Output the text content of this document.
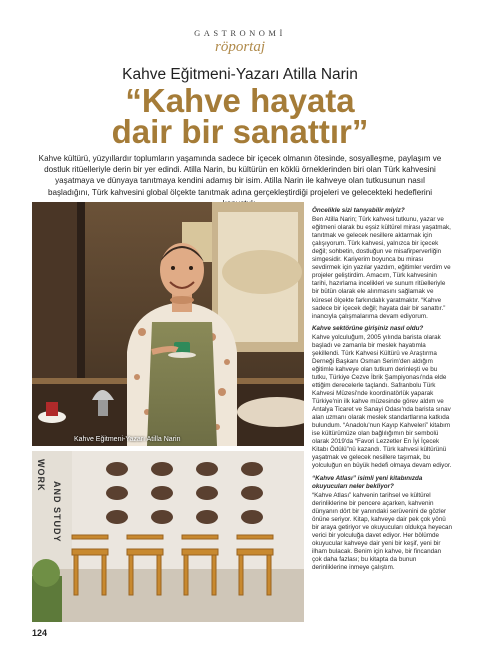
GASTRONOMİ
röportaj
Kahve Eğitmeni-Yazarı Atilla Narin
“Kahve hayata
dair bir sanattır”
Kahve kültürü, yüzyıllardır toplumların yaşamında sadece bir içecek olmanın ötesinde, sosyalleşme, paylaşım ve dostluk ritüelleriyle derin bir yer edindi. Atilla Narin, bu kültürün en köklü örneklerinden biri olan Türk kahvesini yaşatmaya ve dünyaya tanıtmaya kendini adamış bir isim. Atilla Narin ile kahveye olan tutkusunun nasıl başladığını, Türk kahvesini global ölçekte tanıtmak adına gerçekleştirdiği projeleri ve gelecekteki hedeflerini
Kahve Eğitmeni-Yazarı Atilla Narin
WORK
AND STUDY
Öncelikle sizi tanıyabilir miyiz?

Ben Atilla Narin; Türk kahvesi tutkunu, yazar ve eğitmeni olarak bu eşsiz kültürel mirası yaşatmak, tanıtmak ve gelecek nesillere aktarmak için çalışıyorum. Türk kahvesi, yalnızca bir içecek değil; sohbetin, dostluğun ve misafirperverliğin simgesidir. Kariyerim boyunca bu mirası sevdirmek için yazılar yazdım, eğitimler verdim ve projeler geliştirdim. Amacım, Türk kahvesinin tarihi, hazırlama incelikleri ve sunum ritüelleriyle bir bütün olarak ele alınmasını sağlamak ve küresel ölçekte farkındalık yaratmaktır. “Kahve sadece bir içecek değil; hayata dair bir sanattır.” inancıyla çalışmalarıma devam ediyorum.

Kahve sektörüne girişiniz nasıl oldu?

Kahve yolculuğum, 2005 yılında barista olarak başladı ve zamanla bir meslek hayatımla şekillendi. Türk Kahvesi Kültürü ve Araştırma Derneği Başkanı Osman Serim'den aldığım eğitimle kahveye olan tutkum derinleşti ve bu tutku, Türkiye Cezve İbrik Şampiyonası'nda elde ettiğim derecelerle taçlandı. Safranbolu Türk Kahvesi Müzesi'nde koordinatörlük yaparak Türkiye'nin ilk kahve müzesinde görev aldım ve Antalya Ticaret ve Sanayi Odası'nda barista sınav alan uzmanı olarak meslek standartlarına katkıda bulundum. “Anadolu'nun Kayıp Kahveleri” kitabım ise kültürümüze olan bağlılığımın bir sembolü olarak 2019'da “Favori Lezzetler En İyi İçecek Kitabı Ödülü”nü kazandı. Türk kahvesi kültürünü yaşatmak ve gelecek nesillere taşımak, bu yolculuğun en büyük hedefi olmaya devam ediyor.

“Kahve Atlası” isimli yeni kitabınızda okuyucuları neler bekliyor?

“Kahve Atlası” kahvenin tarihsel ve kültürel derinliklerine bir pencere açarken, kahvenin dünyanın dört bir yanındaki serüvenini de gözler önüne seriyor. Kitap, kahveye dair pek çok yönü bir araya getiriyor ve okuyucuları oldukça heyecan verici bir yolculuğa davet ediyor. Her bölümde okuyucular kahveye dair yeni bir keşif, yeni bir ilham bulacak. Benim için kahve, bir fincandan çok daha fazlası; bu kitapta da bunun derinliklerine inmeye çalıştım.

124
